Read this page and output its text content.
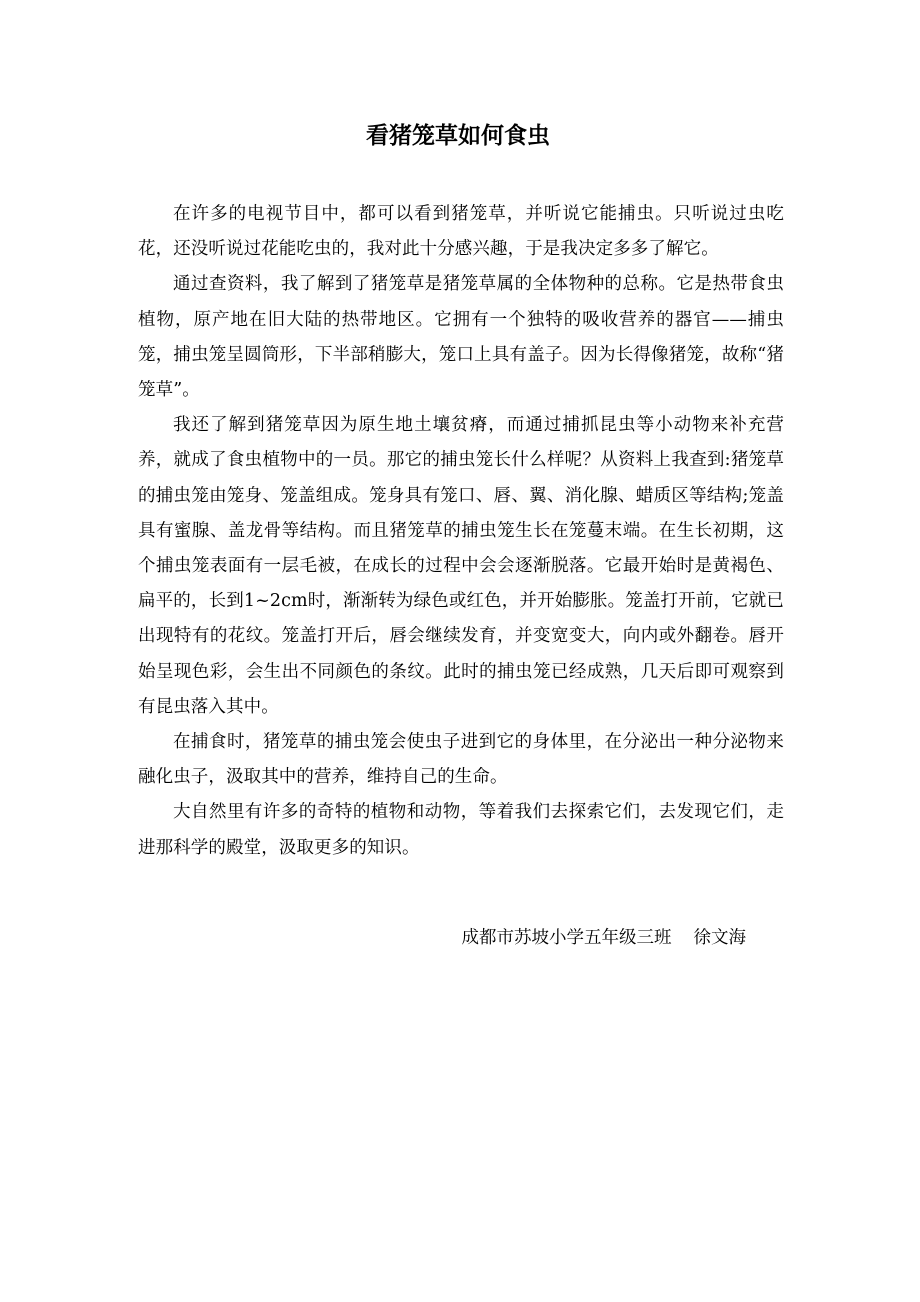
看猪笼草如何食虫

在许多的电视节目中，都可以看到猪笼草，并听说它能捕虫。只听说过虫吃花，还没听说过花能吃虫的，我对此十分感兴趣，于是我决定多多了解它。

通过查资料，我了解到了猪笼草是猪笼草属的全体物种的总称。它是热带食虫植物，原产地在旧大陆的热带地区。它拥有一个独特的吸收营养的器官——捕虫笼，捕虫笼呈圆筒形，下半部稍膨大，笼口上具有盖子。因为长得像猪笼，故称“猪笼草”。

我还了解到猪笼草因为原生地土壤贫瘠，而通过捕抓昆虫等小动物来补充营养，就成了食虫植物中的一员。那它的捕虫笼长什么样呢？从资料上我查到:猪笼草的捕虫笼由笼身、笼盖组成。笼身具有笼口、唇、翼、消化腺、蜡质区等结构;笼盖具有蜜腺、盖龙骨等结构。而且猪笼草的捕虫笼生长在笼蔓末端。在生长初期，这个捕虫笼表面有一层毛被，在成长的过程中会会逐渐脱落。它最开始时是黄褐色、扁平的，长到1~2cm时，渐渐转为绿色或红色，并开始膨胀。笼盖打开前，它就已出现特有的花纹。笼盖打开后，唇会继续发育，并变宽变大，向内或外翻卷。唇开始呈现色彩，会生出不同颜色的条纹。此时的捕虫笼已经成熟，几天后即可观察到有昆虫落入其中。

在捕食时，猪笼草的捕虫笼会使虫子进到它的身体里，在分泌出一种分泌物来融化虫子，汲取其中的营养，维持自己的生命。

大自然里有许多的奇特的植物和动物，等着我们去探索它们，去发现它们，走进那科学的殿堂，汲取更多的知识。

成都市苏坡小学五年级三班 徐文海
